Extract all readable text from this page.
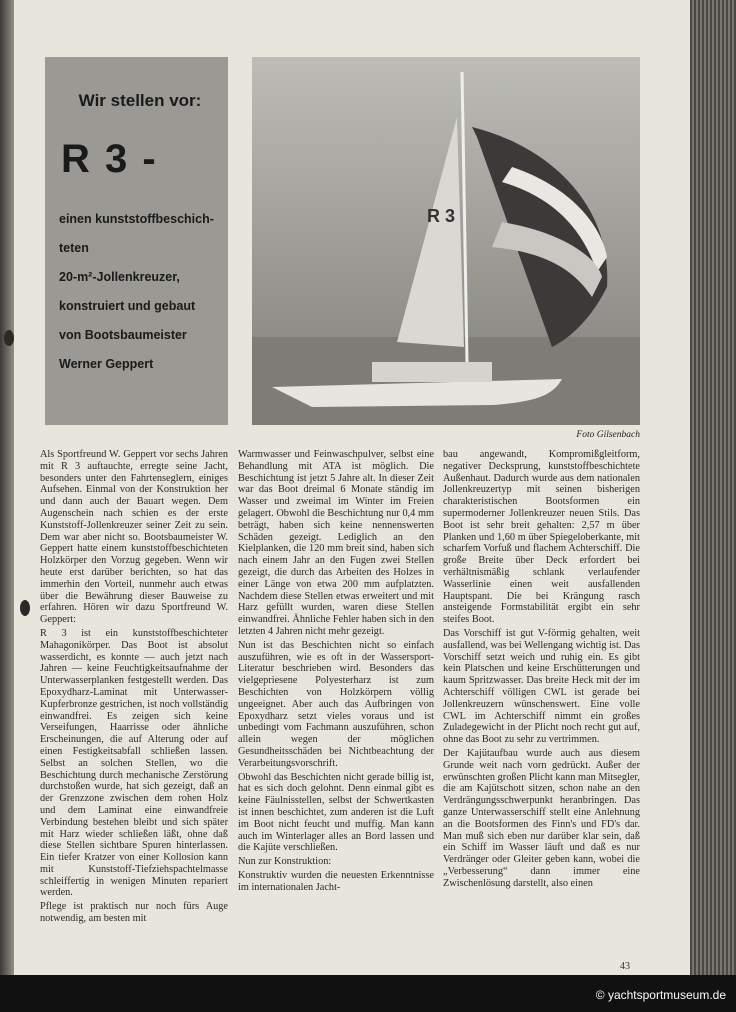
Wir stellen vor:
R 3 -
einen kunststoffbeschich-
teten
20-m²-Jollenkreuzer,
konstruiert und gebaut
von Bootsbaumeister
Werner Geppert
R 3
Foto Gilsenbach

Als Sportfreund W. Geppert vor sechs Jahren mit R 3 auftauchte, erregte seine Jacht, besonders unter den Fahrtenseglern, einiges Aufsehen. Einmal von der Konstruktion her und dann auch der Bauart wegen. Dem Augenschein nach schien es der erste Kunststoff-Jollenkreuzer seiner Zeit zu sein. Dem war aber nicht so. Bootsbaumeister W. Geppert hatte einem kunststoffbeschichteten Holzkörper den Vorzug gegeben. Wenn wir heute erst darüber berichten, so hat das immerhin den Vorteil, nunmehr auch etwas über die Bewährung dieser Bauweise zu erfahren. Hören wir dazu Sportfreund W. Geppert:

R 3 ist ein kunststoffbeschichteter Mahagonikörper. Das Boot ist absolut wasserdicht, es konnte — auch jetzt nach Jahren — keine Feuchtigkeitsaufnahme der Unterwasserplanken festgestellt werden. Das Epoxydharz-Laminat mit Unterwasser-Kupferbronze gestrichen, ist noch vollständig einwandfrei. Es zeigen sich keine Verseifungen, Haarrisse oder ähnliche Erscheinungen, die auf Alterung oder auf einen Festigkeitsabfall schließen lassen. Selbst an solchen Stellen, wo die Beschichtung durch mechanische Zerstörung durchstoßen wurde, hat sich gezeigt, daß an der Grenzzone zwischen dem rohen Holz und dem Laminat eine einwandfreie Verbindung bestehen bleibt und sich später mit Harz wieder schließen läßt, ohne daß diese Stellen sichtbare Spuren hinterlassen. Ein tiefer Kratzer von einer Kollosion kann mit Kunststoff-Tiefziehspachtelmasse schleiffertig in wenigen Minuten repariert werden.

Pflege ist praktisch nur noch fürs Auge notwendig, am besten mit

Warmwasser und Feinwaschpulver, selbst eine Behandlung mit ATA ist möglich. Die Beschichtung ist jetzt 5 Jahre alt. In dieser Zeit war das Boot dreimal 6 Monate ständig im Wasser und zweimal im Winter im Freien gelagert. Obwohl die Beschichtung nur 0,4 mm beträgt, haben sich keine nennenswerten Schäden gezeigt. Lediglich an den Kielplanken, die 120 mm breit sind, haben sich nach einem Jahr an den Fugen zwei Stellen gezeigt, die durch das Arbeiten des Holzes in einer Länge von etwa 200 mm aufplatzten. Nachdem diese Stellen etwas erweitert und mit Harz gefüllt wurden, waren diese Stellen einwandfrei. Ähnliche Fehler haben sich in den letzten 4 Jahren nicht mehr gezeigt.

Nun ist das Beschichten nicht so einfach auszuführen, wie es oft in der Wassersport-Literatur beschrieben wird. Besonders das vielgepriesene Polyesterharz ist zum Beschichten von Holzkörpern völlig ungeeignet. Aber auch das Aufbringen von Epoxydharz setzt vieles voraus und ist unbedingt vom Fachmann auszuführen, schon allein wegen der möglichen Gesundheitsschäden bei Nichtbeachtung der Verarbeitungsvorschrift.

Obwohl das Beschichten nicht gerade billig ist, hat es sich doch gelohnt. Denn einmal gibt es keine Fäulnisstellen, selbst der Schwertkasten ist innen beschichtet, zum anderen ist die Luft im Boot nicht feucht und muffig. Man kann auch im Winterlager alles an Bord lassen und die Kajüte verschließen.

Nun zur Konstruktion:

Konstruktiv wurden die neuesten Erkenntnisse im internationalen Jacht-

bau angewandt, Kompromißgleitform, negativer Decksprung, kunststoffbeschichtete Außenhaut. Dadurch wurde aus dem nationalen Jollenkreuzertyp mit seinen bisherigen charakteristischen Bootsformen ein supermoderner Jollenkreuzer neuen Stils. Das Boot ist sehr breit gehalten: 2,57 m über Planken und 1,60 m über Spiegeloberkante, mit scharfem Vorfuß und flachem Achterschiff. Die große Breite über Deck erfordert bei verhältnismäßig schlank verlaufender Wasserlinie einen weit ausfallenden Hauptspant. Die bei Krängung rasch ansteigende Formstabilität ergibt ein sehr steifes Boot.

Das Vorschiff ist gut V-förmig gehalten, weit ausfallend, was bei Wellengang wichtig ist. Das Vorschiff setzt weich und ruhig ein. Es gibt kein Platschen und keine Erschütterungen und kaum Spritzwasser. Das breite Heck mit der im Achterschiff völligen CWL ist gerade bei Jollenkreuzern wünschenswert. Eine volle CWL im Achterschiff nimmt ein großes Zuladegewicht in der Plicht noch recht gut auf, ohne das Boot zu sehr zu vertrimmen.

Der Kajütaufbau wurde auch aus diesem Grunde weit nach vorn gedrückt. Außer der erwünschten großen Plicht kann man Mitsegler, die am Kajütschott sitzen, schon nahe an den Verdrängungsschwerpunkt heranbringen. Das ganze Unterwasserschiff stellt eine Anlehnung an die Bootsformen des Finn's und FD's dar. Man muß sich eben nur darüber klar sein, daß ein Schiff im Wasser läuft und daß es nur Verdränger oder Gleiter geben kann, wobei die „Verbesserung“ dann immer eine Zwischenlösung darstellt, also einen

43
© yachtsportmuseum.de
